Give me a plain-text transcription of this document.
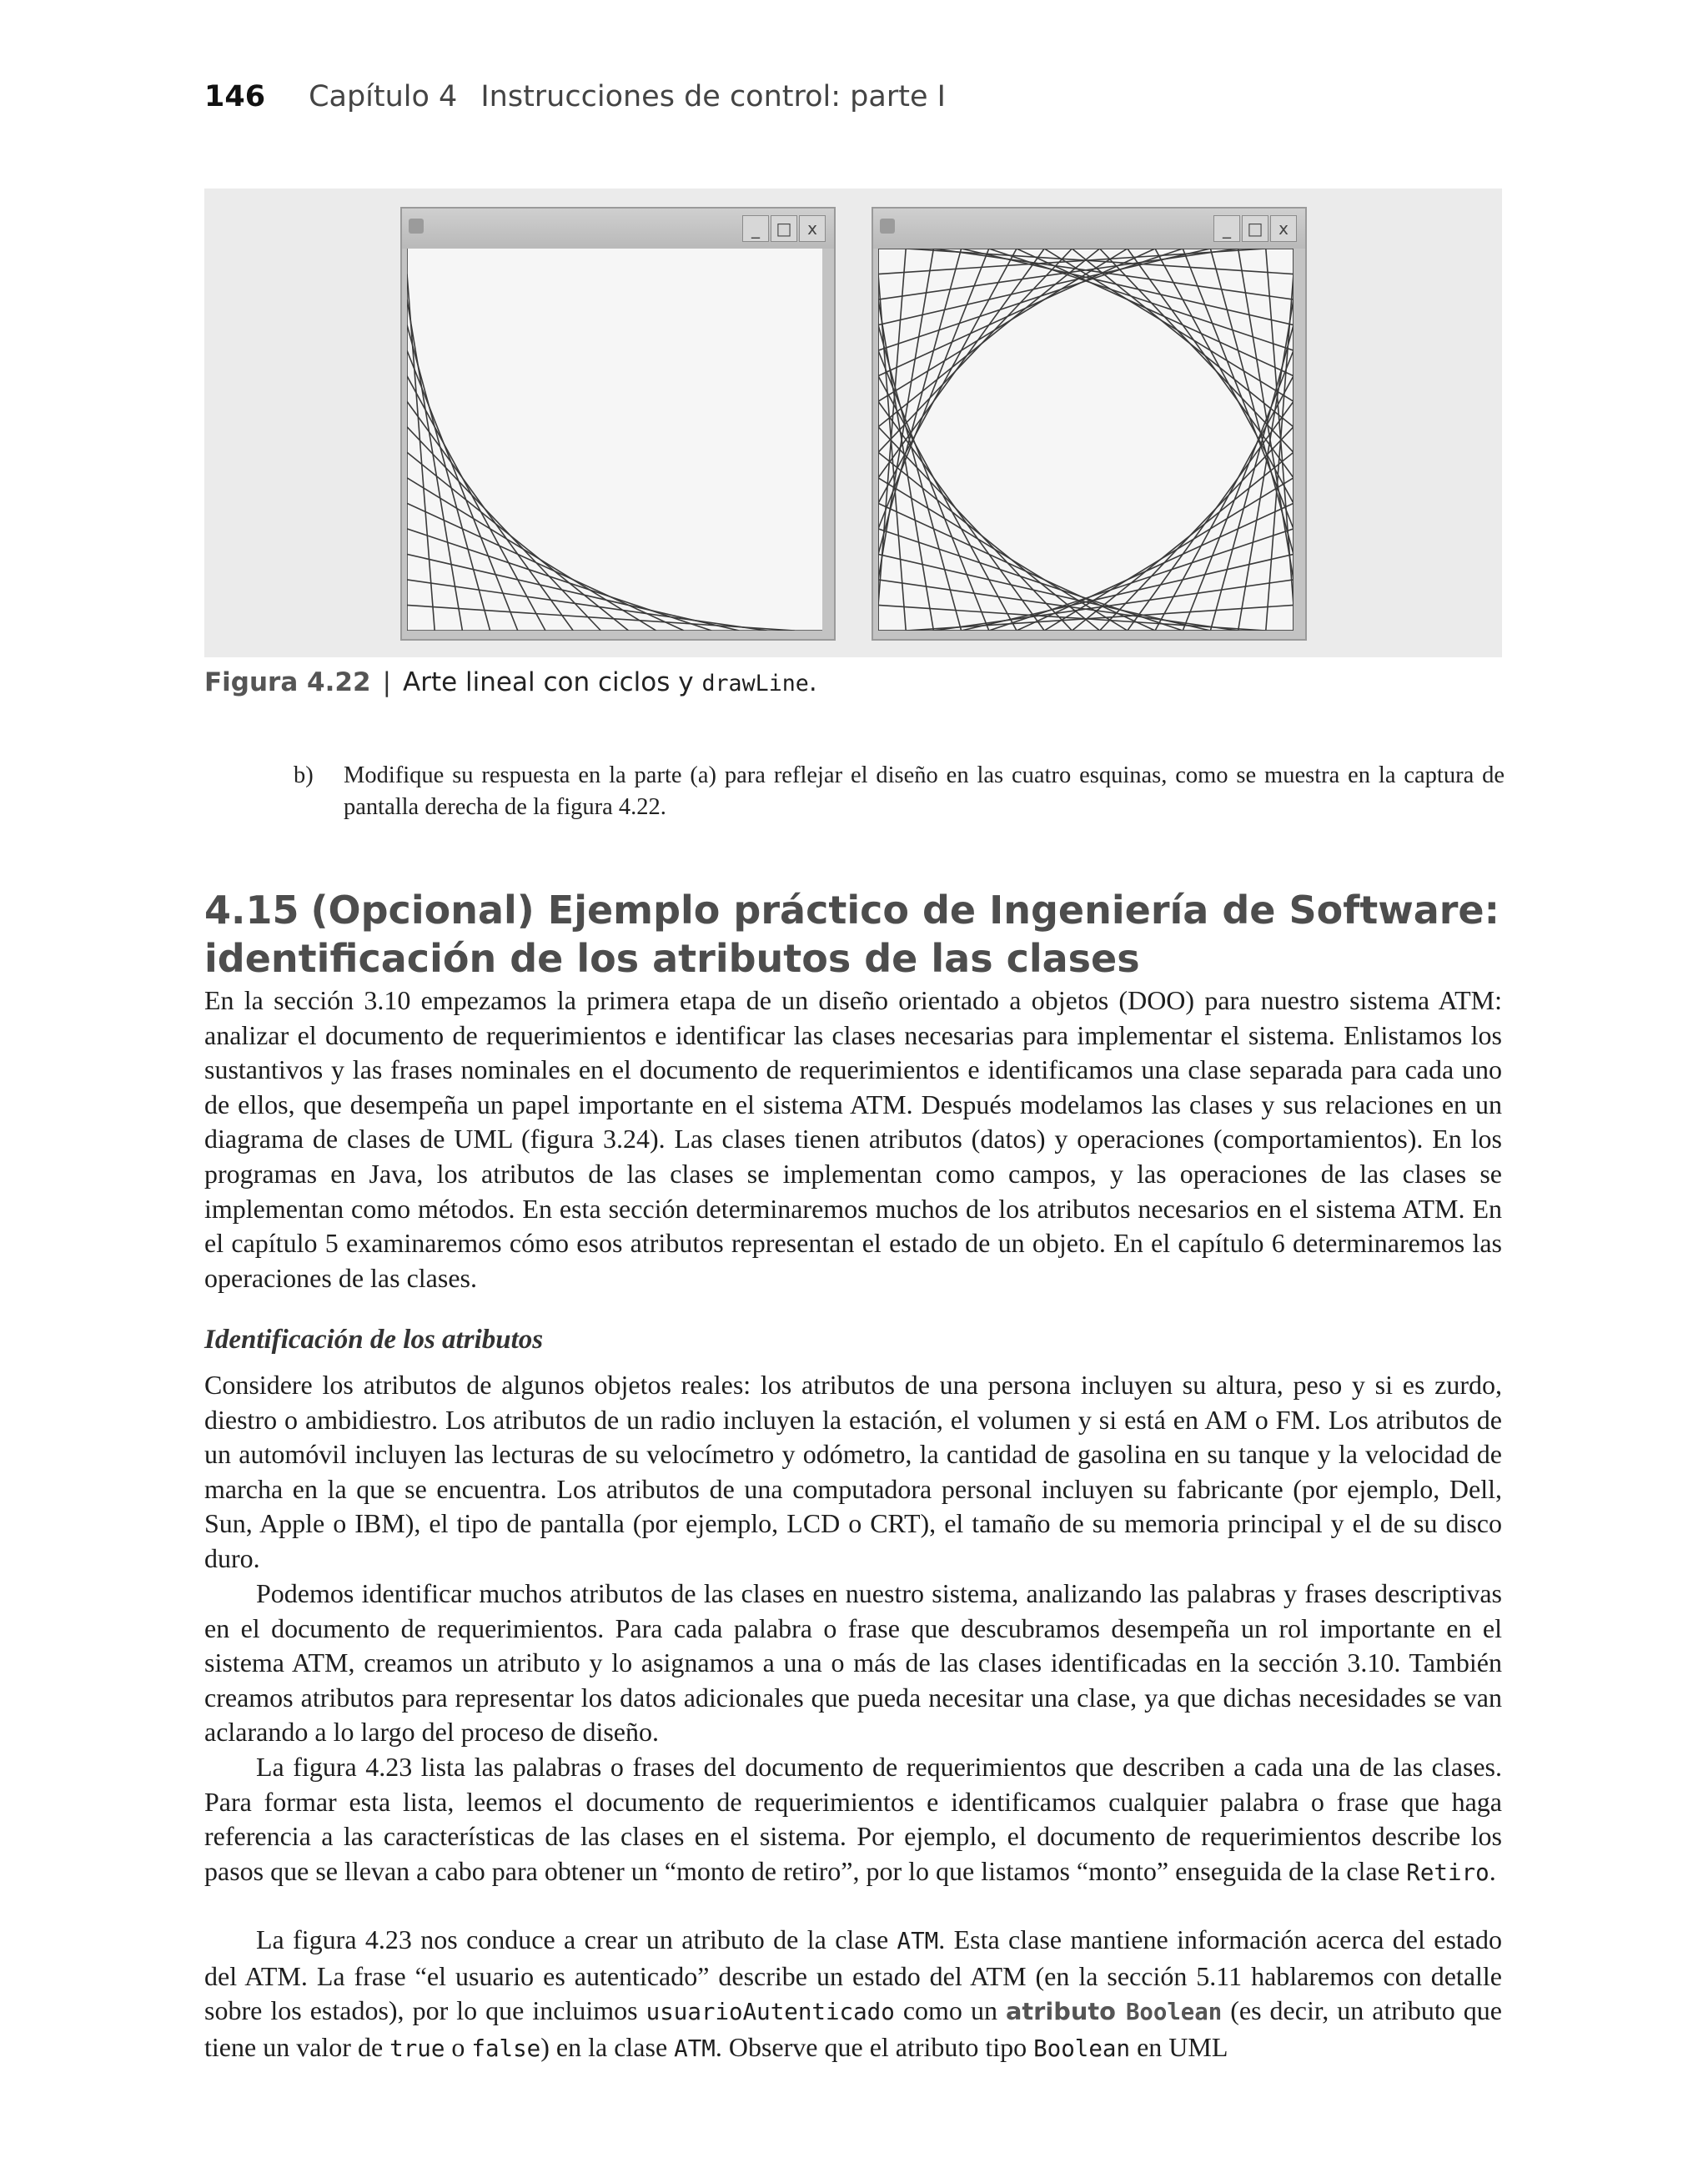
146 Capítulo 4 Instrucciones de control: parte I
_ □ x	_ □ x
Figura 4.22 | Arte lineal con ciclos y drawLine.
b) Modifique su respuesta en la parte (a) para reflejar el diseño en las cuatro esquinas, como se muestra en la captura de pantalla derecha de la figura 4.22.
4.15 (Opcional) Ejemplo práctico de Ingeniería de Software: identificación de los atributos de las clases

En la sección 3.10 empezamos la primera etapa de un diseño orientado a objetos (DOO) para nuestro sistema ATM: analizar el documento de requerimientos e identificar las clases necesarias para implementar el sistema. Enlistamos los sustantivos y las frases nominales en el documento de requerimientos e identificamos una clase separada para cada uno de ellos, que desempeña un papel importante en el sistema ATM. Después modelamos las clases y sus relaciones en un diagrama de clases de UML (figura 3.24). Las clases tienen atributos (datos) y operaciones (comportamientos). En los programas en Java, los atributos de las clases se implementan como campos, y las operaciones de las clases se implementan como métodos. En esta sección determinaremos muchos de los atributos necesarios en el sistema ATM. En el capítulo 5 examinaremos cómo esos atributos representan el estado de un objeto. En el capítulo 6 determinaremos las operaciones de las clases.

Identificación de los atributos

Considere los atributos de algunos objetos reales: los atributos de una persona incluyen su altura, peso y si es zurdo, diestro o ambidiestro. Los atributos de un radio incluyen la estación, el volumen y si está en AM o FM. Los atributos de un automóvil incluyen las lecturas de su velocímetro y odómetro, la cantidad de gasolina en su tanque y la velocidad de marcha en la que se encuentra. Los atributos de una computadora personal incluyen su fabricante (por ejemplo, Dell, Sun, Apple o IBM), el tipo de pantalla (por ejemplo, LCD o CRT), el tamaño de su memoria principal y el de su disco duro.

Podemos identificar muchos atributos de las clases en nuestro sistema, analizando las palabras y frases descriptivas en el documento de requerimientos. Para cada palabra o frase que descubramos desempeña un rol importante en el sistema ATM, creamos un atributo y lo asignamos a una o más de las clases identificadas en la sección 3.10. También creamos atributos para representar los datos adicionales que pueda necesitar una clase, ya que dichas necesidades se van aclarando a lo largo del proceso de diseño.

La figura 4.23 lista las palabras o frases del documento de requerimientos que describen a cada una de las clases. Para formar esta lista, leemos el documento de requerimientos e identificamos cualquier palabra o frase que haga referencia a las características de las clases en el sistema. Por ejemplo, el documento de requerimientos describe los pasos que se llevan a cabo para obtener un “monto de retiro”, por lo que listamos “monto” enseguida de la clase Retiro.

La figura 4.23 nos conduce a crear un atributo de la clase ATM. Esta clase mantiene información acerca del estado del ATM. La frase “el usuario es autenticado” describe un estado del ATM (en la sección 5.11 hablaremos con detalle sobre los estados), por lo que incluimos usuarioAutenticado como un atributo Boolean (es decir, un atributo que tiene un valor de true o false) en la clase ATM. Observe que el atributo tipo Boolean en UML
